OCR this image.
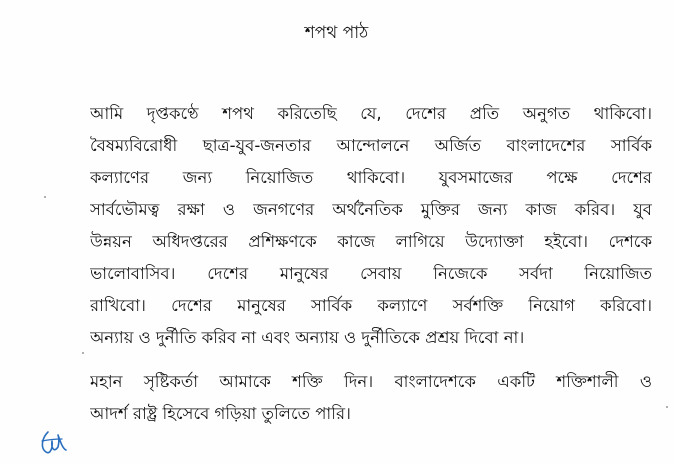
শপথ পাঠ
আমি দৃপ্তকণ্ঠে শপথ করিতেছি যে, দেশের প্রতি অনুগত থাকিবো।
বৈষম্যবিরোধী ছাত্র-যুব-জনতার আন্দোলনে অর্জিত বাংলাদেশের সার্বিক
কল্যাণের জন্য নিয়োজিত থাকিবো। যুবসমাজের পক্ষে দেশের
সার্বভৌমত্ব রক্ষা ও জনগণের অর্থনৈতিক মুক্তির জন্য কাজ করিব। যুব
উন্নয়ন অধিদপ্তরের প্রশিক্ষণকে কাজে লাগিয়ে উদ্যোক্তা হইবো। দেশকে
ভালোবাসিব। দেশের মানুষের সেবায় নিজেকে সর্বদা নিয়োজিত
রাখিবো। দেশের মানুষের সার্বিক কল্যাণে সর্বশক্তি নিয়োগ করিবো।
অন্যায় ও দুর্নীতি করিব না এবং অন্যায় ও দুর্নীতিকে প্রশ্রয় দিবো না।
মহান সৃষ্টিকর্তা আমাকে শক্তি দিন। বাংলাদেশকে একটি শক্তিশালী ও
আদর্শ রাষ্ট্র হিসেবে গড়িয়া তুলিতে পারি।
